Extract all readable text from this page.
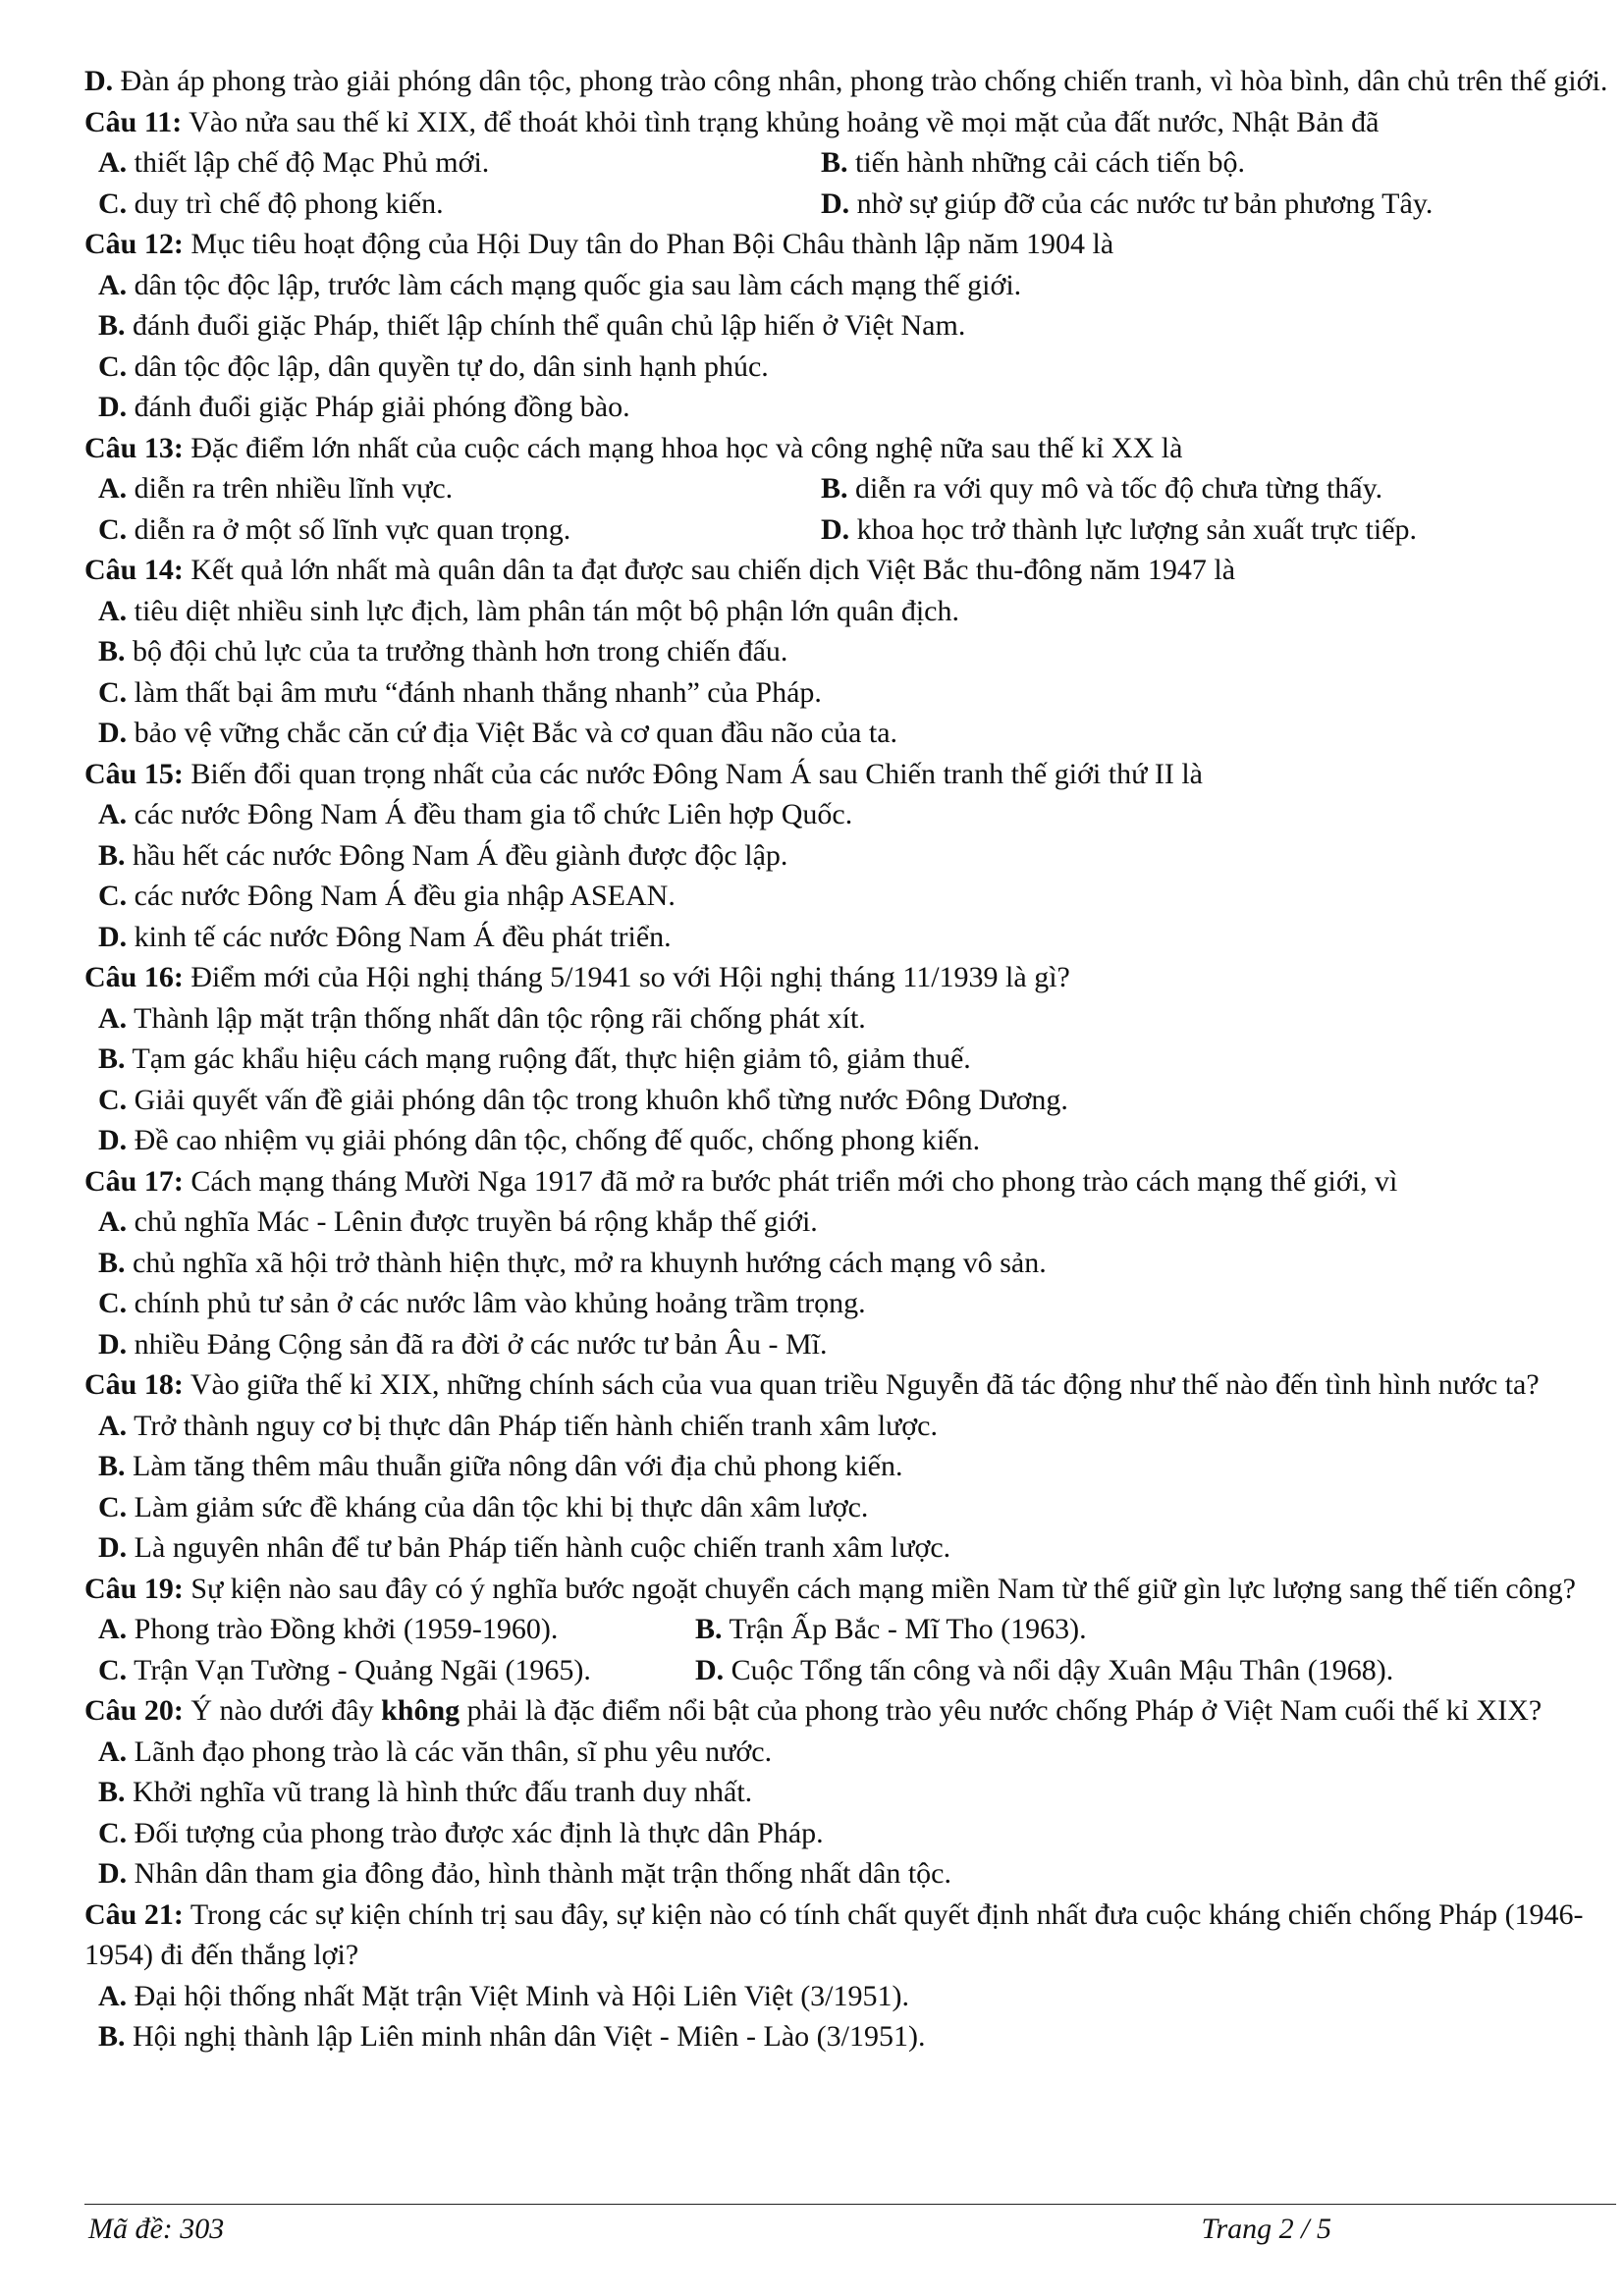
D. Đàn áp phong trào giải phóng dân tộc, phong trào công nhân, phong trào chống chiến tranh, vì hòa bình, dân chủ trên thế giới.
Câu 11: Vào nửa sau thế kỉ XIX, để thoát khỏi tình trạng khủng hoảng về mọi mặt của đất nước, Nhật Bản đã
A. thiết lập chế độ Mạc Phủ mới.	B. tiến hành những cải cách tiến bộ.
C. duy trì chế độ phong kiến.	D. nhờ sự giúp đỡ của các nước tư bản phương Tây.
Câu 12: Mục tiêu hoạt động của Hội Duy tân do Phan Bội Châu thành lập năm 1904 là
A. dân tộc độc lập, trước làm cách mạng quốc gia sau làm cách mạng thế giới.
B. đánh đuổi giặc Pháp, thiết lập chính thể quân chủ lập hiến ở Việt Nam.
C. dân tộc độc lập, dân quyền tự do, dân sinh hạnh phúc.
D. đánh đuổi giặc Pháp giải phóng đồng bào.
Câu 13: Đặc điểm lớn nhất của cuộc cách mạng hhoa học và công nghệ nữa sau thế kỉ XX là
A. diễn ra trên nhiều lĩnh vực.	B. diễn ra với quy mô và tốc độ chưa từng thấy.
C. diễn ra ở một số lĩnh vực quan trọng.	D. khoa học trở thành lực lượng sản xuất trực tiếp.
Câu 14: Kết quả lớn nhất mà quân dân ta đạt được sau chiến dịch Việt Bắc thu-đông năm 1947 là
A. tiêu diệt nhiều sinh lực địch, làm phân tán một bộ phận lớn quân địch.
B. bộ đội chủ lực của ta trưởng thành hơn trong chiến đấu.
C. làm thất bại âm mưu “đánh nhanh thắng nhanh” của Pháp.
D. bảo vệ vững chắc căn cứ địa Việt Bắc và cơ quan đầu não của ta.
Câu 15: Biến đổi quan trọng nhất của các nước Đông Nam Á sau Chiến tranh thế giới thứ II là
A. các nước Đông Nam Á đều tham gia tổ chức Liên hợp Quốc.
B. hầu hết các nước Đông Nam Á đều giành được độc lập.
C. các nước Đông Nam Á đều gia nhập ASEAN.
D. kinh tế các nước Đông Nam Á đều phát triển.
Câu 16: Điểm mới của Hội nghị tháng 5/1941 so với Hội nghị tháng 11/1939 là gì?
A. Thành lập mặt trận thống nhất dân tộc rộng rãi chống phát xít.
B. Tạm gác khẩu hiệu cách mạng ruộng đất, thực hiện giảm tô, giảm thuế.
C. Giải quyết vấn đề giải phóng dân tộc trong khuôn khổ từng nước Đông Dương.
D. Đề cao nhiệm vụ giải phóng dân tộc, chống đế quốc, chống phong kiến.
Câu 17: Cách mạng tháng Mười Nga 1917 đã mở ra bước phát triển mới cho phong trào cách mạng thế giới, vì
A. chủ nghĩa Mác - Lênin được truyền bá rộng khắp thế giới.
B. chủ nghĩa xã hội trở thành hiện thực, mở ra khuynh hướng cách mạng vô sản.
C. chính phủ tư sản ở các nước lâm vào khủng hoảng trầm trọng.
D. nhiều Đảng Cộng sản đã ra đời ở các nước tư bản Âu - Mĩ.
Câu 18: Vào giữa thế kỉ XIX, những chính sách của vua quan triều Nguyễn đã tác động như thế nào đến tình hình nước ta?
A. Trở thành nguy cơ bị thực dân Pháp tiến hành chiến tranh xâm lược.
B. Làm tăng thêm mâu thuẫn giữa nông dân với địa chủ phong kiến.
C. Làm giảm sức đề kháng của dân tộc khi bị thực dân xâm lược.
D. Là nguyên nhân để tư bản Pháp tiến hành cuộc chiến tranh xâm lược.
Câu 19: Sự kiện nào sau đây có ý nghĩa bước ngoặt chuyển cách mạng miền Nam từ thế giữ gìn lực lượng sang thế tiến công?
A. Phong trào Đồng khởi (1959-1960).	B. Trận Ấp Bắc - Mĩ Tho (1963).
C. Trận Vạn Tường - Quảng Ngãi (1965).	D. Cuộc Tổng tấn công và nổi dậy Xuân Mậu Thân (1968).
Câu 20: Ý nào dưới đây không phải là đặc điểm nổi bật của phong trào yêu nước chống Pháp ở Việt Nam cuối thế kỉ XIX?
A. Lãnh đạo phong trào là các văn thân, sĩ phu yêu nước.
B. Khởi nghĩa vũ trang là hình thức đấu tranh duy nhất.
C. Đối tượng của phong trào được xác định là thực dân Pháp.
D. Nhân dân tham gia đông đảo, hình thành mặt trận thống nhất dân tộc.
Câu 21: Trong các sự kiện chính trị sau đây, sự kiện nào có tính chất quyết định nhất đưa cuộc kháng chiến chống Pháp (1946-1954) đi đến thắng lợi?
A. Đại hội thống nhất Mặt trận Việt Minh và Hội Liên Việt (3/1951).
B. Hội nghị thành lập Liên minh nhân dân Việt - Miên - Lào (3/1951).
Mã đề: 303	Trang 2 / 5
